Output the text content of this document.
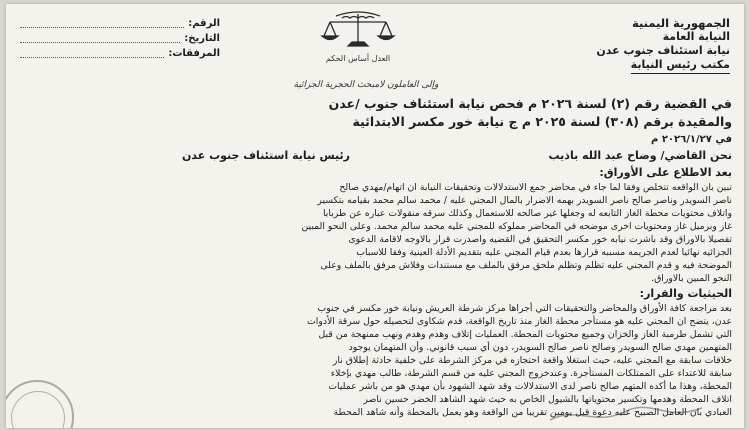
الجمهورية اليمنية
النيابة العامة
نيابة استئناف جنوب عدن
مكتب رئيس النيابة
العدل أساس الحكم
الرقم:
التاريخ:
المرفقات:
وإلى العاملون لامبحث الحجرية الجزائية
في القضية رقم (٢) لسنة ٢٠٢٦ م فحص نيابة استئناف جنوب /عدن
والمقيدة برقم (٣٠٨) لسنة ٢٠٢٥ م ج نيابة خور مكسر الابتدائية
في ٢٠٢٦/١/٢٧ م
نحن القاضي/ وضاح عبد الله باذيب
رئيس نيابة استئناف جنوب عدن
بعد الاطلاع على الأوراق:
تبين بان الواقعه تتخلص وفقا لما جاء في محاضر جمع الاستدلالات وتحقيقات النيابة ان اتهام/مهدي صالح
ناصر السويدر وناصر صالح ناصر السويدر بهمه الاضرار بالمال المجني عليه / محمد سالم محمد بقيامه بتكسير
واتلاف محتويات محطة الغاز التابعه له وجعلها غير صالحه للاستعمال وكذلك سرقه منقولات عباره عن طربابا
غاز وبرميل غاز ومحتويات اخرى موضحه في المحاضر مملوكه للمجني عليه محمد سالم محمد. وعلى النحو المبين
تفصيلا بالاوراق وقد باشرت نيابه خور مكسر التحقيق في القضيه واصدرت قرار بالاوجه لاقامة الدعوى
الجزائيه نهائيا لعدم الجريمه مسببه قرارها بعدم قيام المجني عليه بتقديم الأدلة العينية وفقا للاسباب
الموضحة فيه و قدم المجني عليه تظلم وتظلم ملحق مرفق بالملف مع مستندات وفلاش مرفق بالملف وعلى
النحو المبين بالاوراق.
الحيثيات والقرار:
بعد مراجعة كافة الأوراق والمحاضر والتحقيقات التي أجراها مركز شرطة العريش ونيابة خور مكسر في جنوب
عدن، يتضح ان المجني عليه هو مستأجر محطة الغاز منذ تاريخ الواقعة، قدم شكاوى لتحصيله حول سرقة الأدوات
التي تشمل طرمبة الغاز والخزان وجميع محتويات المحطة. العمليات إتلاف وهدم وهدم ونهب ممنهجة من قبل
المتهمين مهدي صالح السويدر وصالح ناصر صالح السويدر، دون أي سبب قانوني. وأن المتهمان يوجود
خلافات سابقة مع المجني عليه، حيث استغلا واقعة احتجازه في مركز الشرطة على خلفية حادثة إطلاق نار
سابقة للاعتداء على الممتلكات المستأجرة. وعندخروج المجني عليه من قسم الشرطة، طالب مهدي بإخلاء
المحطة، وهذا ما أكده المتهم صالح ناصر لدى الاستدلالات وقد شهد الشهود بأن مهدي هو من باشر عمليات
اتلاف المحطة وهدمها وتكسير محتوياتها بالشيول الخاص به حيث شهد الشاهد الخضر حسين ناصر
العبادي بان العامل الصبيح عليه دعوة قبل يومين تقريبا من الواقعة وهو يعمل بالمحطة وأنه شاهد المحطة
